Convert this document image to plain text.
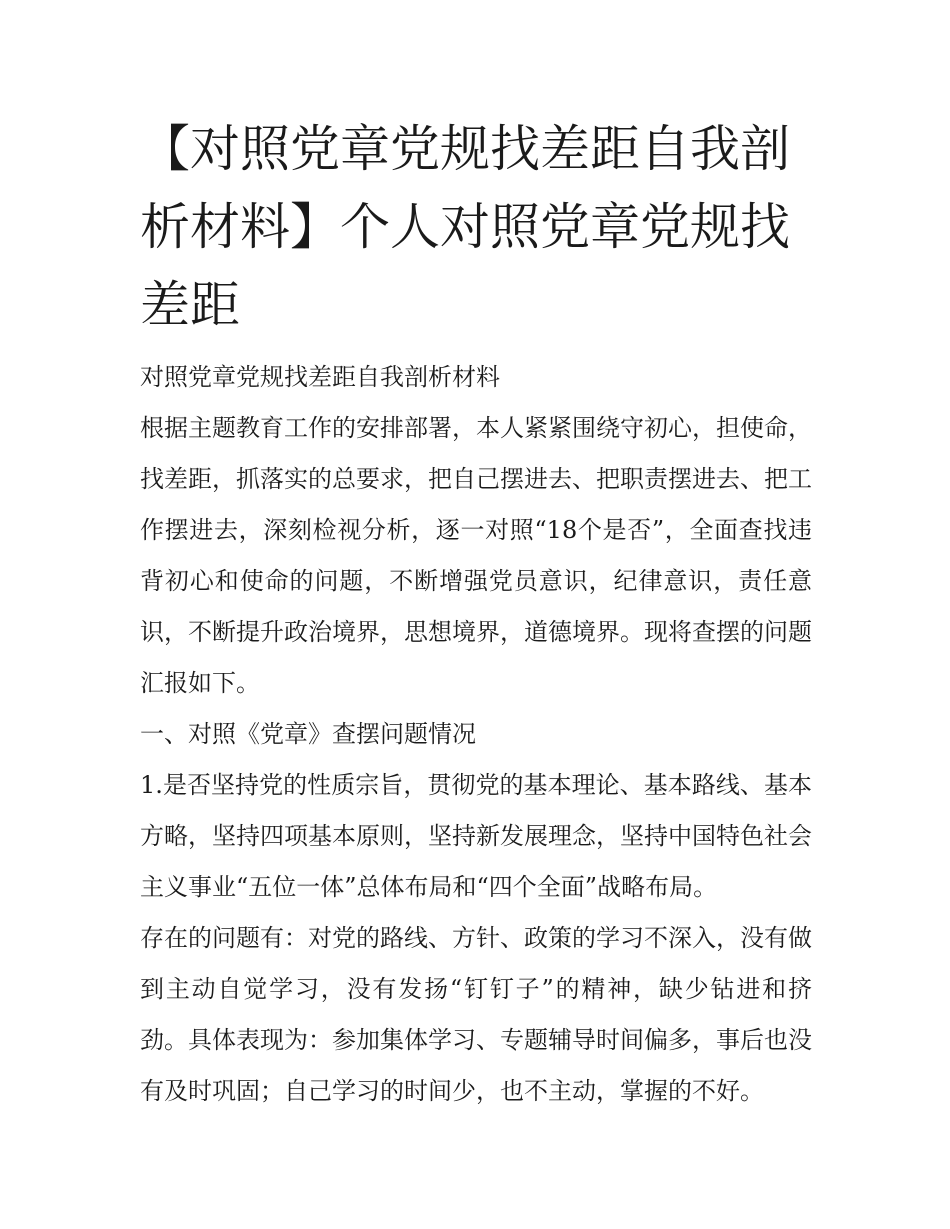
【对照党章党规找差距自我剖析材料】个人对照党章党规找差距

对照党章党规找差距自我剖析材料

根据主题教育工作的安排部署，本人紧紧围绕守初心，担使命，找差距，抓落实的总要求，把自己摆进去、把职责摆进去、把工作摆进去，深刻检视分析，逐一对照“18个是否”，全面查找违背初心和使命的问题，不断增强党员意识，纪律意识，责任意识，不断提升政治境界，思想境界，道德境界。现将查摆的问题汇报如下。

一、对照《党章》查摆问题情况

1.是否坚持党的性质宗旨，贯彻党的基本理论、基本路线、基本方略，坚持四项基本原则，坚持新发展理念，坚持中国特色社会主义事业“五位一体”总体布局和“四个全面”战略布局。

存在的问题有：对党的路线、方针、政策的学习不深入，没有做到主动自觉学习，没有发扬“钉钉子”的精神，缺少钻进和挤劲。具体表现为：参加集体学习、专题辅导时间偏多，事后也没有及时巩固；自己学习的时间少，也不主动，掌握的不好。
